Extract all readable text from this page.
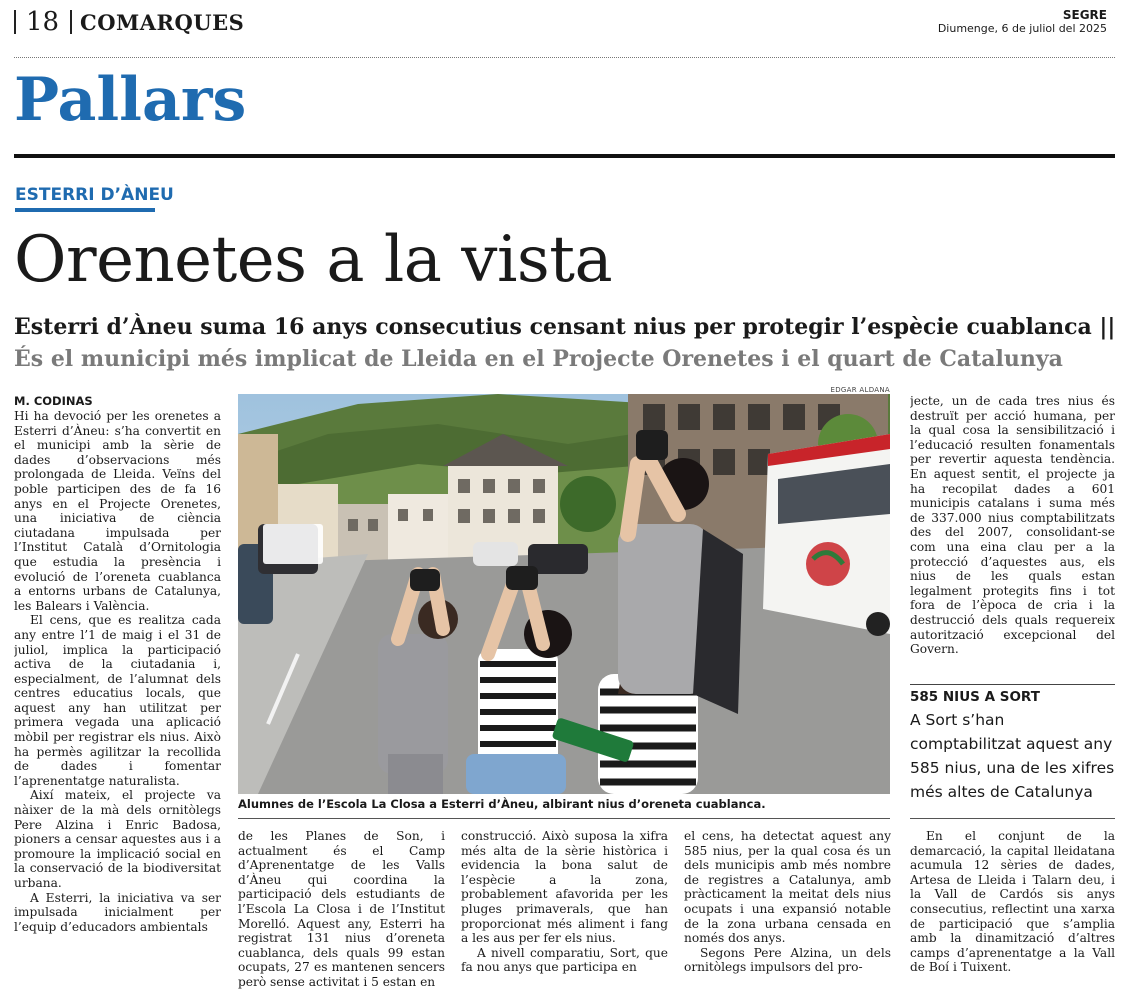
18 COMARQUES	SEGRE
Diumenge, 6 de juliol del 2025
Pallars
ESTERRI D’ÀNEU
Orenetes a la vista
Esterri d’Àneu suma 16 anys consecutius censant nius per protegir l’espècie cuablanca ||
És el municipi més implicat de Lleida en el Projecte Orenetes i el quart de Catalunya
M. CODINAS

Hi ha devoció per les orenetes a Esterri d’Àneu: s’ha convertit en el municipi amb la sèrie de dades d’observacions més prolongada de Lleida. Veïns del poble participen des de fa 16 anys en el Projecte Orenetes, una iniciativa de ciència ciutadana impulsada per l’Institut Català d’Ornitologia que estudia la presència i evolució de l’oreneta cuablanca a entorns urbans de Catalunya, les Balears i València.

El cens, que es realitza cada any entre l’1 de maig i el 31 de juliol, implica la participació activa de la ciutadania i, especialment, de l’alumnat dels centres educatius locals, que aquest any han utilitzat per primera vegada una aplicació mòbil per registrar els nius. Això ha permès agilitzar la recollida de dades i fomentar l’aprenentatge naturalista.

Així mateix, el projecte va nàixer de la mà dels ornitòlegs Pere Alzina i Enric Badosa, pioners a censar aquestes aus i a promoure la implicació social en la conservació de la biodiversitat urbana.

A Esterri, la iniciativa va ser impulsada inicialment per l’equip d’educadors ambientals

EDGAR ALDANA
Alumnes de l’Escola La Closa a Esterri d’Àneu, albirant nius d’oreneta cuablanca.

de les Planes de Son, i actualment és el Camp d’Aprenentatge de les Valls d’Àneu qui coordina la participació dels estudiants de l’Escola La Closa i de l’Institut Morelló. Aquest any, Esterri ha registrat 131 nius d’oreneta cuablanca, dels quals 99 estan ocupats, 27 es mantenen sencers però sense activitat i 5 estan en

construcció. Això suposa la xifra més alta de la sèrie històrica i evidencia la bona salut de l’espècie a la zona, probablement afavorida per les pluges primaverals, que han proporcionat més aliment i fang a les aus per fer els nius.

A nivell comparatiu, Sort, que fa nou anys que participa en

el cens, ha detectat aquest any 585 nius, per la qual cosa és un dels municipis amb més nombre de registres a Catalunya, amb pràcticament la meitat dels nius ocupats i una expansió notable de la zona urbana censada en només dos anys.

Segons Pere Alzina, un dels ornitòlegs impulsors del pro-

jecte, un de cada tres nius és destruït per acció humana, per la qual cosa la sensibilització i l’educació resulten fonamentals per revertir aquesta tendència. En aquest sentit, el projecte ja ha recopilat dades a 601 municipis catalans i suma més de 337.000 nius comptabilitzats des del 2007, consolidant-se com una eina clau per a la protecció d’aquestes aus, els nius de les quals estan legalment protegits fins i tot fora de l’època de cria i la destrucció dels quals requereix autorització excepcional del Govern.

585 NIUS A SORT
A Sort s’han comptabilitzat aquest any 585 nius, una de les xifres més altes de Catalunya

En el conjunt de la demarcació, la capital lleidatana acumula 12 sèries de dades, Artesa de Lleida i Talarn deu, i la Vall de Cardós sis anys consecutius, reflectint una xarxa de participació que s’amplia amb la dinamització d’altres camps d’aprenentatge a la Vall de Boí i Tuixent.
